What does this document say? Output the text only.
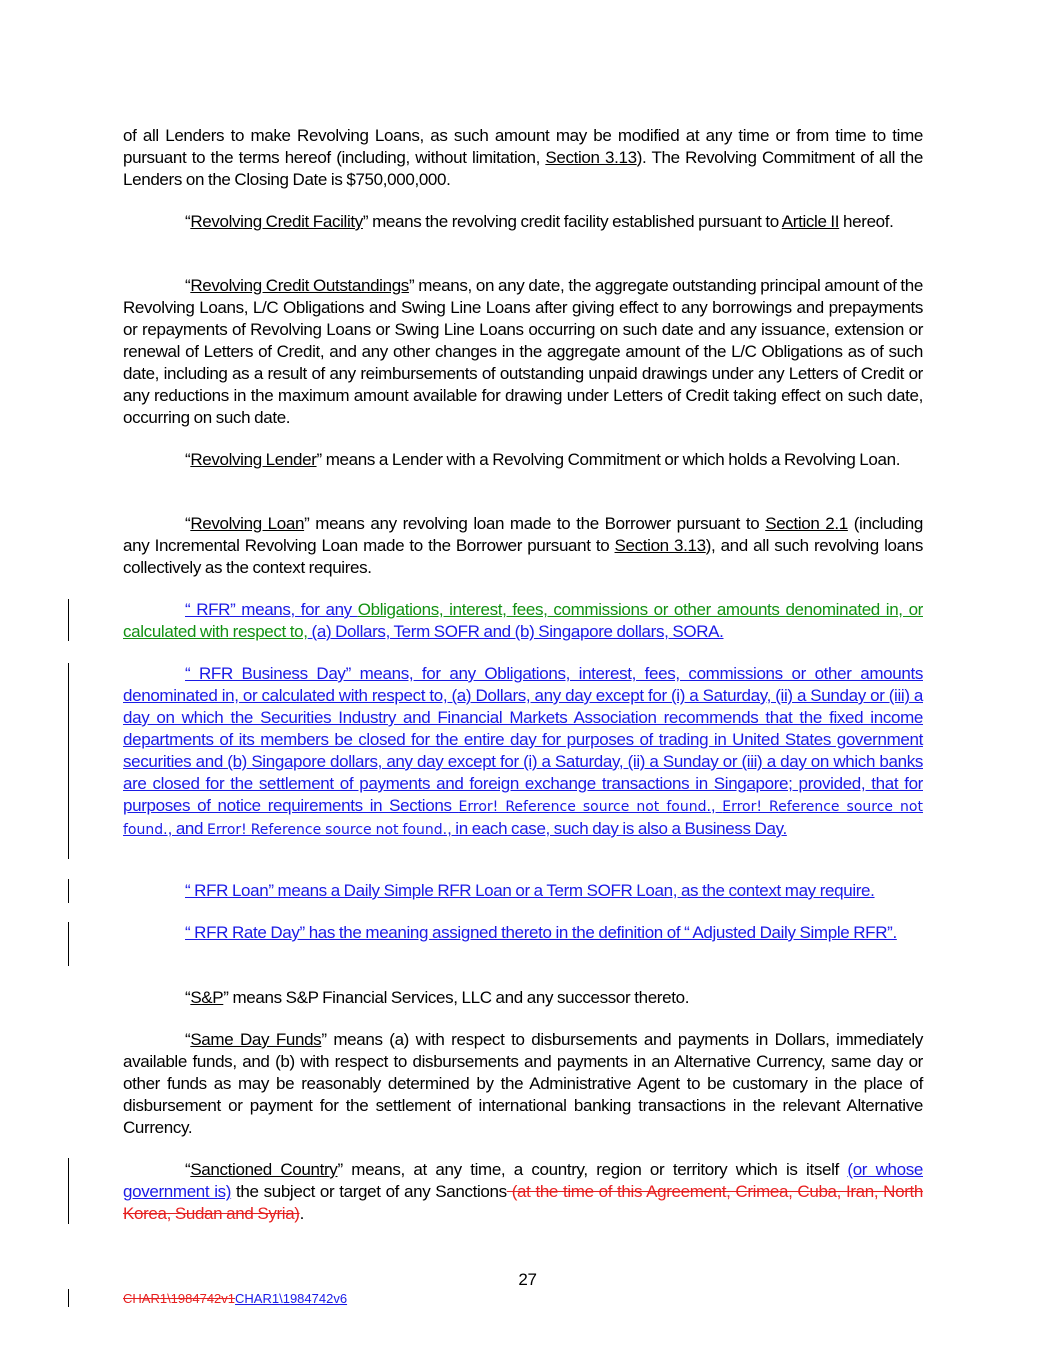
of all Lenders to make Revolving Loans, as such amount may be modified at any time or from time to time pursuant to the terms hereof (including, without limitation, Section 3.13). The Revolving Commitment of all the Lenders on the Closing Date is $750,000,000.

“Revolving Credit Facility” means the revolving credit facility established pursuant to Article II hereof.

“Revolving Credit Outstandings” means, on any date, the aggregate outstanding principal amount of the Revolving Loans, L/C Obligations and Swing Line Loans after giving effect to any borrowings and prepayments or repayments of Revolving Loans or Swing Line Loans occurring on such date and any issuance, extension or renewal of Letters of Credit, and any other changes in the aggregate amount of the L/C Obligations as of such date, including as a result of any reimbursements of outstanding unpaid drawings under any Letters of Credit or any reductions in the maximum amount available for drawing under Letters of Credit taking effect on such date, occurring on such date.

“Revolving Lender” means a Lender with a Revolving Commitment or which holds a Revolving Loan.

“Revolving Loan” means any revolving loan made to the Borrower pursuant to Section 2.1 (including any Incremental Revolving Loan made to the Borrower pursuant to Section 3.13), and all such revolving loans collectively as the context requires.

“ RFR” means, for any Obligations, interest, fees, commissions or other amounts denominated in, or calculated with respect to, (a) Dollars, Term SOFR and (b) Singapore dollars, SORA.

“ RFR Business Day” means, for any Obligations, interest, fees, commissions or other amounts denominated in, or calculated with respect to, (a) Dollars, any day except for (i) a Saturday, (ii) a Sunday or (iii) a day on which the Securities Industry and Financial Markets Association recommends that the fixed income departments of its members be closed for the entire day for purposes of trading in United States government securities and (b) Singapore dollars, any day except for (i) a Saturday, (ii) a Sunday or (iii) a day on which banks are closed for the settlement of payments and foreign exchange transactions in Singapore; provided, that for purposes of notice requirements in Sections Error! Reference source not found., Error! Reference source not found., and Error! Reference source not found., in each case, such day is also a Business Day.

“ RFR Loan” means a Daily Simple RFR Loan or a Term SOFR Loan, as the context may require.

“ RFR Rate Day” has the meaning assigned thereto in the definition of “ Adjusted Daily Simple RFR”.

“S&P” means S&P Financial Services, LLC and any successor thereto.

“Same Day Funds” means (a) with respect to disbursements and payments in Dollars, immediately available funds, and (b) with respect to disbursements and payments in an Alternative Currency, same day or other funds as may be reasonably determined by the Administrative Agent to be customary in the place of disbursement or payment for the settlement of international banking transactions in the relevant Alternative Currency.

“Sanctioned Country” means, at any time, a country, region or territory which is itself (or whose government is) the subject or target of any Sanctions (at the time of this Agreement, Crimea, Cuba, Iran, North Korea, Sudan and Syria).

27
CHAR1\1984742v1CHAR1\1984742v6
